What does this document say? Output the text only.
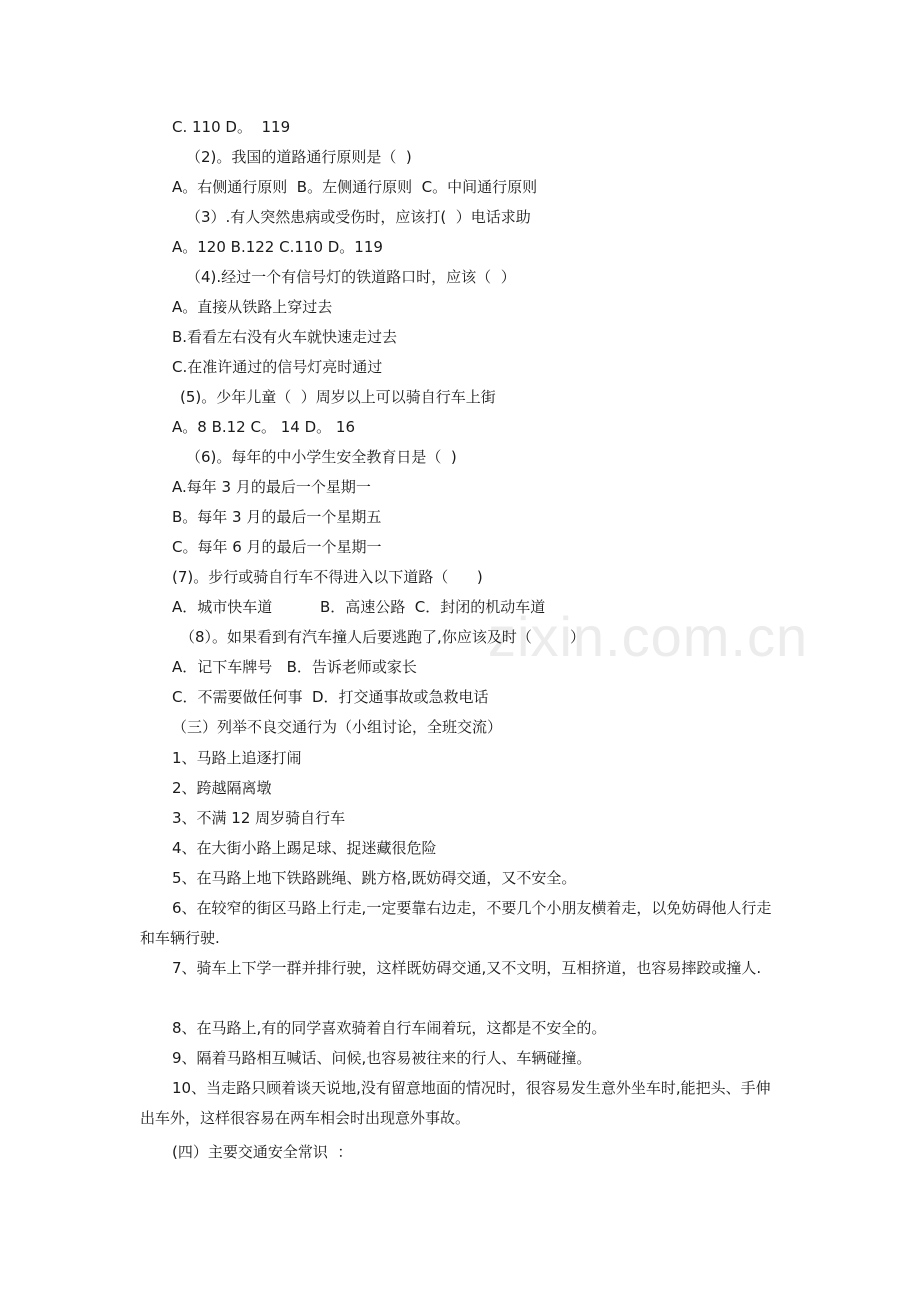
zixin.com.cn
C. 110 D。  119
（2)。我国的道路通行原则是（  )
A。右侧通行原则  B。左侧通行原则  C。中间通行原则
（3）.有人突然患病或受伤时，应该打(  ）电话求助
A。120 B.122 C.110 D。119
（4).经过一个有信号灯的铁道路口时，应该（  ）
A。直接从铁路上穿过去
B.看看左右没有火车就快速走过去
C.在准许通过的信号灯亮时通过
(5)。少年儿童（  ）周岁以上可以骑自行车上街
A。8 B.12 C。 14 D。 16
（6)。每年的中小学生安全教育日是（  )
A.每年 3 月的最后一个星期一
B。每年 3 月的最后一个星期五
C。每年 6 月的最后一个星期一
(7)。步行或骑自行车不得进入以下道路（      )
A．城市快车道          B．高速公路  C．封闭的机动车道
（8）。如果看到有汽车撞人后要逃跑了,你应该及时（        ）
A．记下车牌号   B．告诉老师或家长
C．不需要做任何事  D．打交通事故或急救电话
（三）列举不良交通行为（小组讨论，全班交流）
1、马路上追逐打闹
2、跨越隔离墩
3、不满 12 周岁骑自行车
4、在大街小路上踢足球、捉迷藏很危险
5、在马路上地下铁路跳绳、跳方格,既妨碍交通，又不安全。
6、在较窄的街区马路上行走,一定要靠右边走，不要几个小朋友横着走，以免妨碍他人行走和车辆行驶.
7、骑车上下学一群并排行驶，这样既妨碍交通,又不文明，互相挤道，也容易摔跤或撞人.
8、在马路上,有的同学喜欢骑着自行车闹着玩，这都是不安全的。
9、隔着马路相互喊话、问候,也容易被往来的行人、车辆碰撞。
10、当走路只顾着谈天说地,没有留意地面的情况时，很容易发生意外坐车时,能把头、手伸出车外，这样很容易在两车相会时出现意外事故。
(四）主要交通安全常识  ：
